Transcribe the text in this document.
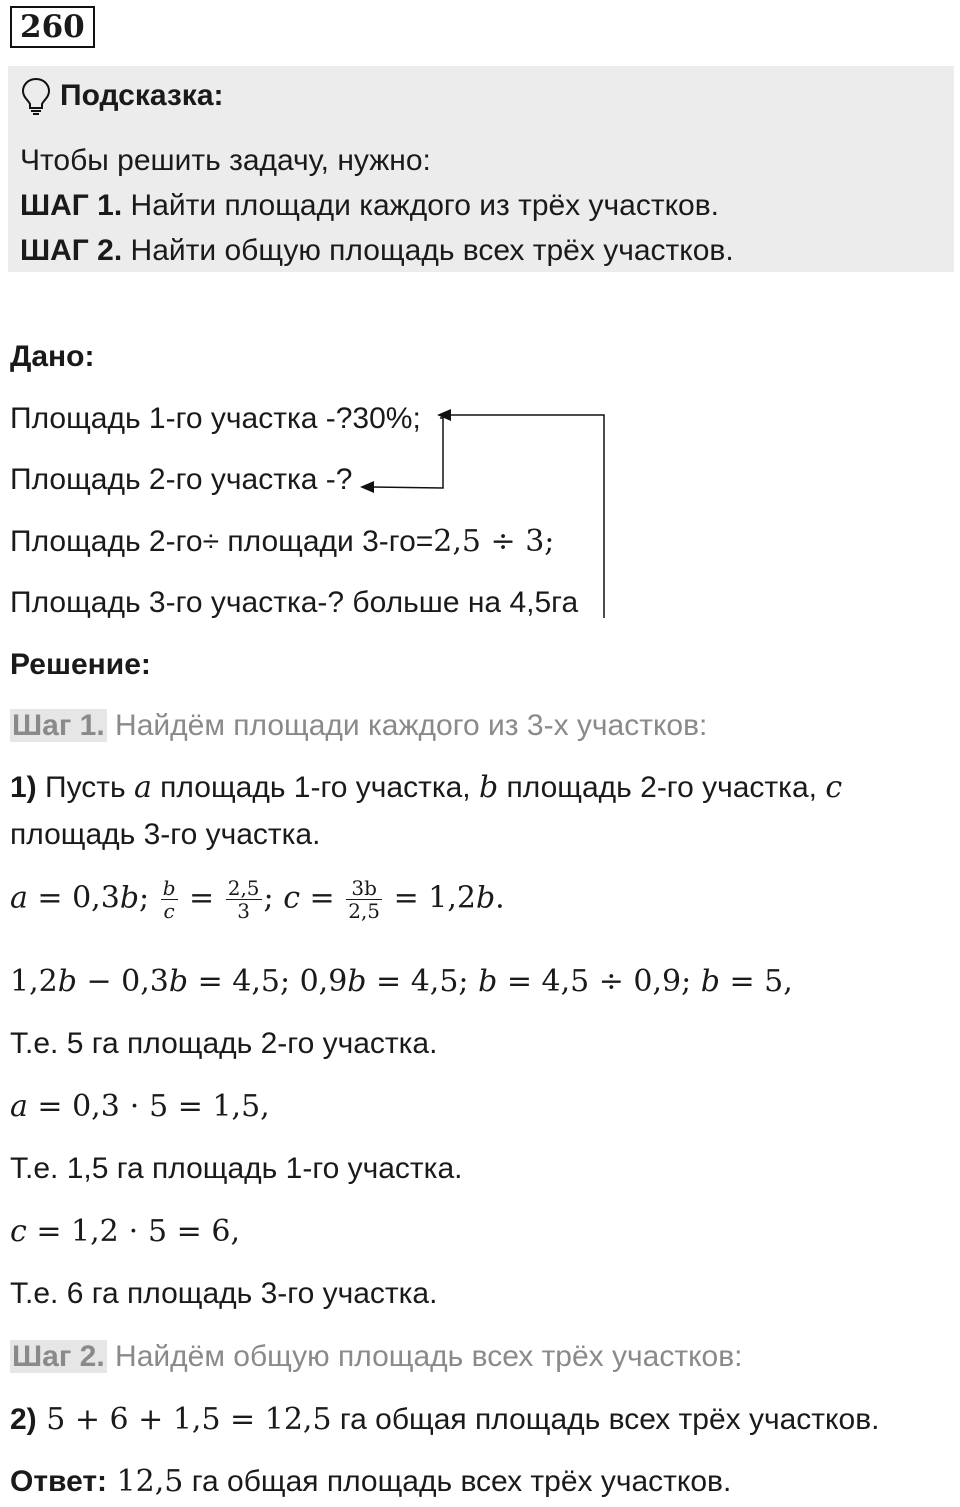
260
Подсказка:
Чтобы решить задачу, нужно:
ШАГ 1. Найти площади каждого из трёх участков.
ШАГ 2. Найти общую площадь всех трёх участков.
Дано:
Площадь 1-го участка -?30%;
Площадь 2-го участка -?
Площадь 2-го÷ площади 3-го=2,5 ÷ 3;
Площадь 3-го участка-? больше на 4,5га
Решение:
Шаг 1. Найдём площади каждого из 3-х участков:
1) Пусть a площадь 1-го участка, b площадь 2-го участка, c
площадь 3-го участка.
a = 0,3b; $\frac{b}{c} = \frac{2,5}{3}$ ; $c = \frac{3b}{2,5} = 1,2b$.
1,2𝑏 − 0,3𝑏 = 4,5; 0,9𝑏 = 4,5; 𝑏 = 4,5 ÷ 0,9; 𝑏 = 5,
Т.е. 5 га площадь 2-го участка.
𝑎 = 0,3 ⋅ 5 = 1,5,
Т.е. 1,5 га площадь 1-го участка.
𝑐 = 1,2 ⋅ 5 = 6,
Т.е. 6 га площадь 3-го участка.
Шаг 2. Найдём общую площадь всех трёх участков:
2) 5 + 6 + 1,5 = 12,5 га общая площадь всех трёх участков.
Ответ: 12,5 га общая площадь всех трёх участков.
